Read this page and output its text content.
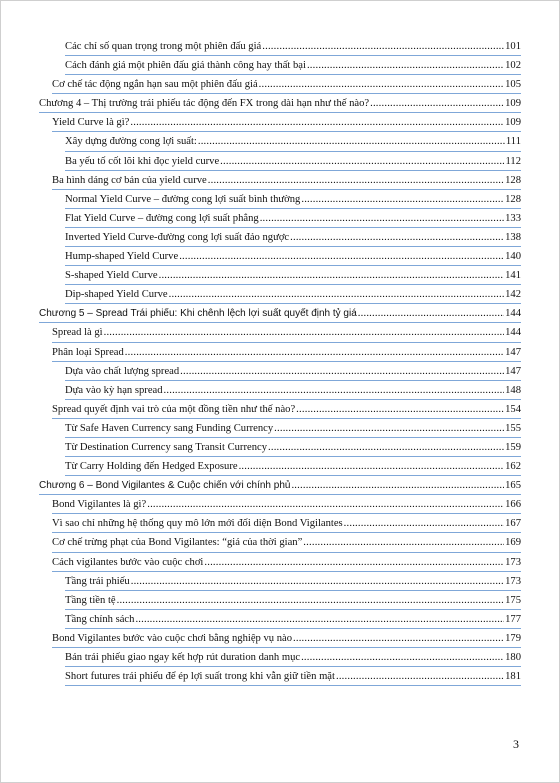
Các chỉ số quan trọng trong một phiên đấu giá .....	101
Cách đánh giá một phiên đấu giá thành công hay thất bại .....	102
Cơ chế tác động ngắn hạn sau một phiên đấu giá .....	105
Chương 4 – Thị trường trái phiếu tác động đến FX trong dài hạn như thế nào? .....	109
Yield Curve là gì? .....	109
Xây dựng đường cong lợi suất: .....	111
Ba yếu tố cốt lõi khi đọc yield curve .....	112
Ba hình dáng cơ bản của yield curve .....	128
Normal Yield Curve – đường cong lợi suất bình thường .....	128
Flat Yield Curve – đường cong lợi suất phẳng .....	133
Inverted Yield Curve-đường cong lợi suất đảo ngược .....	138
Hump-shaped Yield Curve .....	140
S-shaped Yield Curve .....	141
Dip-shaped Yield Curve .....	142
Chương 5 – Spread Trái phiếu: Khi chênh lệch lợi suất quyết định tỷ giá .....	144
Spread là gì .....	144
Phân loại Spread .....	147
Dựa vào chất lượng spread .....	147
Dựa vào kỳ hạn spread .....	148
Spread quyết định vai trò của một đồng tiền như thế nào? .....	154
Từ Safe Haven Currency sang Funding Currency .....	155
Từ Destination Currency sang Transit Currency .....	159
Từ Carry Holding đến Hedged Exposure .....	162
Chương 6 – Bond Vigilantes & Cuộc chiến với chính phủ .....	165
Bond Vigilantes là gì? .....	166
Vì sao chỉ những hệ thống quy mô lớn mới đối diện Bond Vigilantes .....	167
Cơ chế trừng phạt của Bond Vigilantes: “giá của thời gian” .....	169
Cách vigilantes bước vào cuộc chơi .....	173
Tầng trái phiếu .....	173
Tầng tiền tệ .....	175
Tầng chính sách .....	177
Bond Vigilantes bước vào cuộc chơi bằng nghiệp vụ nào .....	179
Bán trái phiếu giao ngay kết hợp rút duration danh mục .....	180
Short futures trái phiếu để ép lợi suất trong khi vẫn giữ tiền mặt .....	181
3
